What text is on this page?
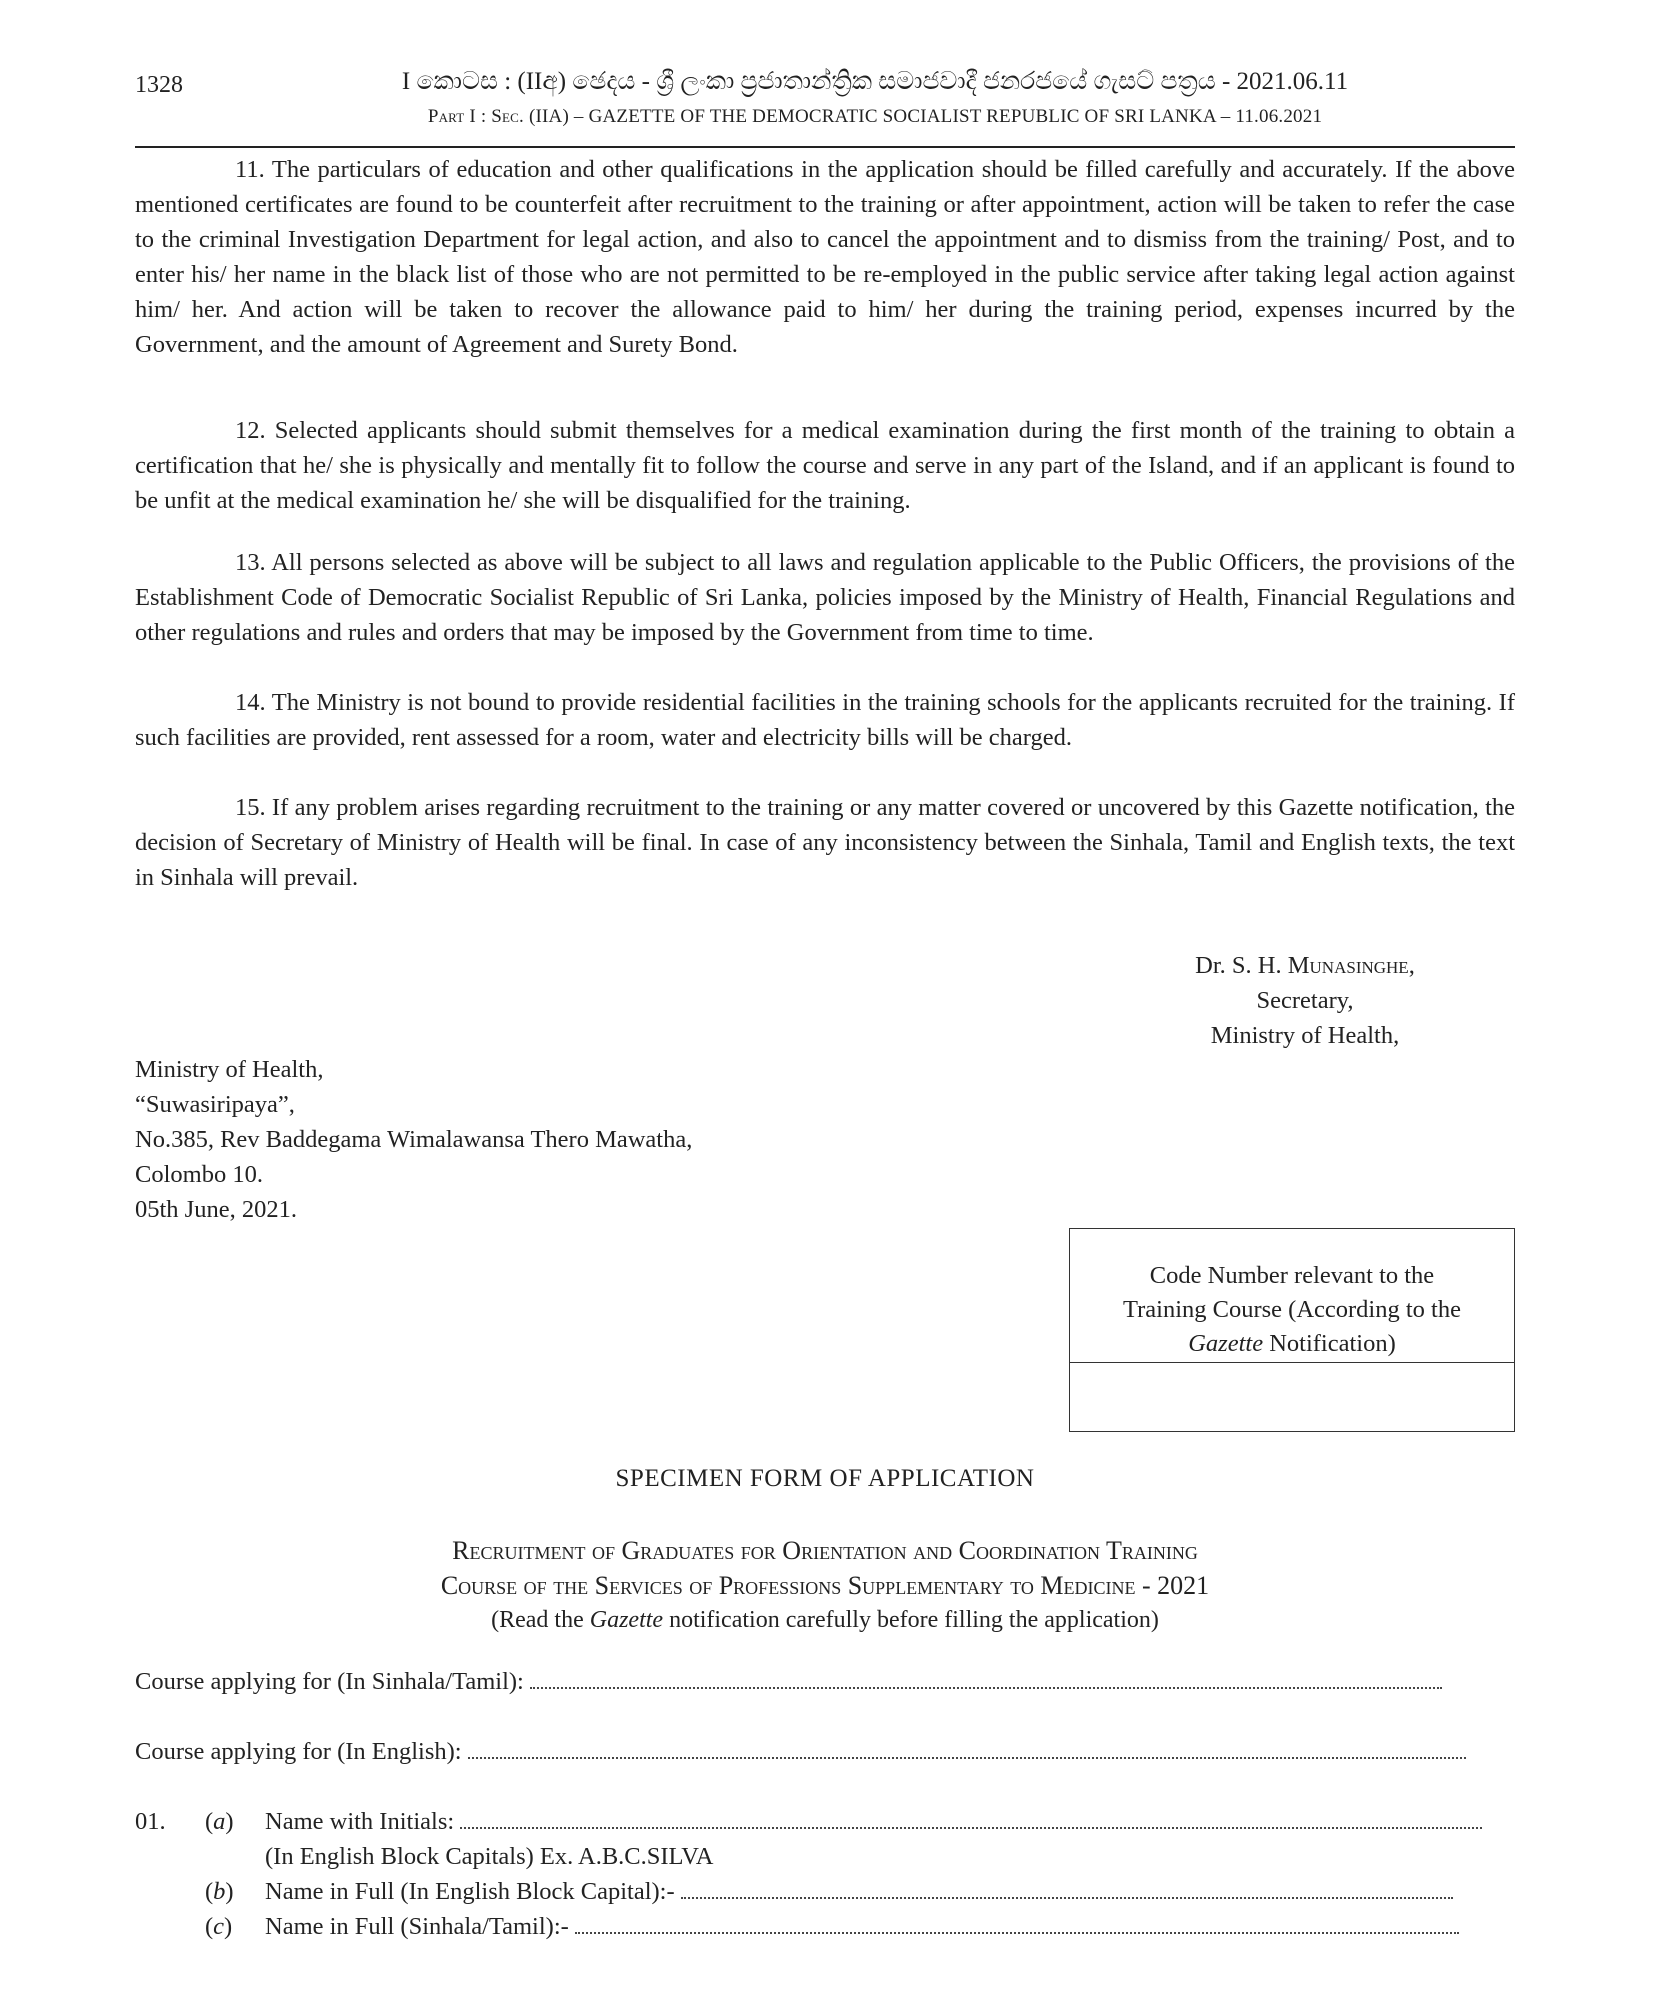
1328	I කොටස : (IIඅ) ඡෙදය - ශ්‍රී ලංකා ප්‍රජාතාන්ත්‍රික සමාජවාදී ජනරජයේ ගැසට් පත්‍රය - 2021.06.11
Part I : Sec. (IIA) – GAZETTE OF THE DEMOCRATIC SOCIALIST REPUBLIC OF SRI LANKA – 11.06.2021

11. The particulars of education and other qualifications in the application should be filled carefully and accurately. If the above mentioned certificates are found to be counterfeit after recruitment to the training or after appointment, action will be taken to refer the case to the criminal Investigation Department for legal action, and also to cancel the appointment and to dismiss from the training/ Post, and to enter his/ her name in the black list of those who are not permitted to be re-employed in the public service after taking legal action against him/ her. And action will be taken to recover the allowance paid to him/ her during the training period, expenses incurred by the Government, and the amount of Agreement and Surety Bond.

12. Selected applicants should submit themselves for a medical examination during the first month of the training to obtain a certification that he/ she is physically and mentally fit to follow the course and serve in any part of the Island, and if an applicant is found to be unfit at the medical examination he/ she will be disqualified for the training.

13. All persons selected as above will be subject to all laws and regulation applicable to the Public Officers, the provisions of the Establishment Code of Democratic Socialist Republic of Sri Lanka, policies imposed by the Ministry of Health, Financial Regulations and other regulations and rules and orders that may be imposed by the Government from time to time.

14. The Ministry is not bound to provide residential facilities in the training schools for the applicants recruited for the training. If such facilities are provided, rent assessed for a room, water and electricity bills will be charged.

15. If any problem arises regarding recruitment to the training or any matter covered or uncovered by this Gazette notification, the decision of Secretary of Ministry of Health will be final. In case of any inconsistency between the Sinhala, Tamil and English texts, the text in Sinhala will prevail.

Dr. S. H. Munasinghe,
Secretary,
Ministry of Health,
Ministry of Health,
“Suwasiripaya”,
No.385, Rev Baddegama Wimalawansa Thero Mawatha,
Colombo 10.
05th June, 2021.
Code Number relevant to the
Training Course (According to the
Gazette Notification)
SPECIMEN FORM OF APPLICATION
Recruitment of Graduates for Orientation and Coordination Training
Course of the Services of Professions Supplementary to Medicine - 2021
(Read the Gazette notification carefully before filling the application)
Course applying for (In Sinhala/Tamil):
Course applying for (In English):
01. (a) Name with Initials:
(In English Block Capitals) Ex. A.B.C.SILVA
(b) Name in Full (In English Block Capital):-
(c) Name in Full (Sinhala/Tamil):-
